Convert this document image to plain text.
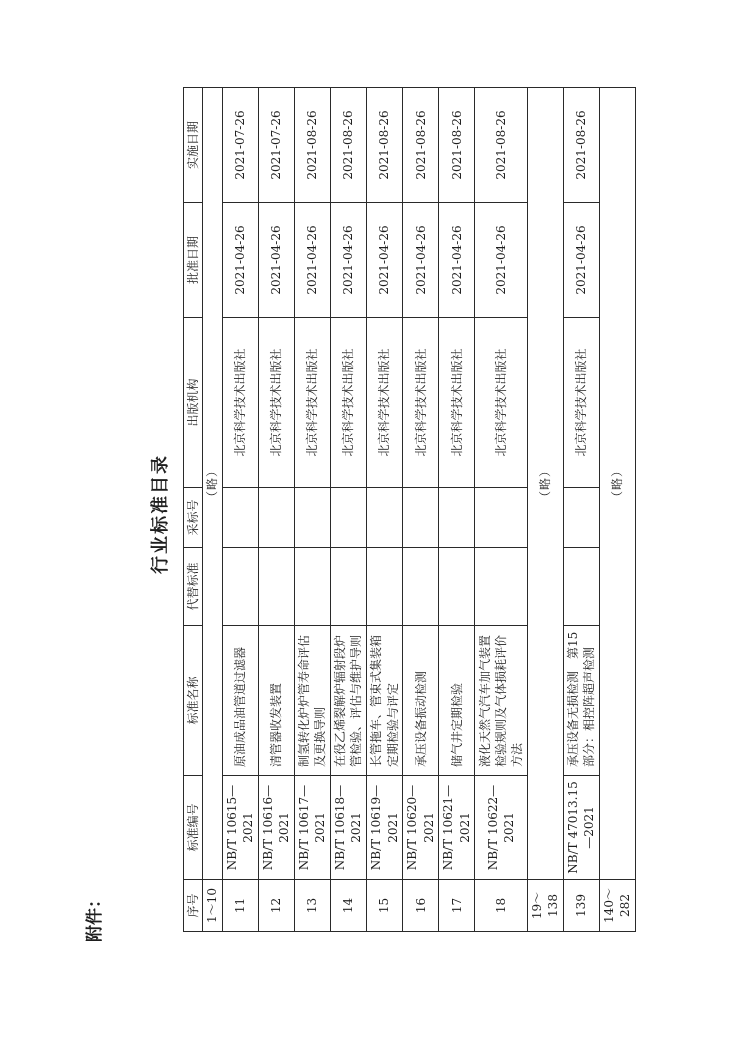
附件：
行业标准目录
序号	标准编号	标准名称	代替标准	采标号	出版机构	批准日期	实施日期
1～10	（略）						
11	NB/T 10615—2021	原油成品油管道过滤器			北京科学技术出版社	2021-04-26	2021-07-26
12	NB/T 10616—2021	清管器收发装置			北京科学技术出版社	2021-04-26	2021-07-26
13	NB/T 10617—2021	制氢转化炉炉管寿命评估及更换导则			北京科学技术出版社	2021-04-26	2021-08-26
14	NB/T 10618—2021	在役乙烯裂解炉辐射段炉管检验、评估与维护导则			北京科学技术出版社	2021-04-26	2021-08-26
15	NB/T 10619—2021	长管拖车、管束式集装箱定期检验与评定			北京科学技术出版社	2021-04-26	2021-08-26
16	NB/T 10620—2021	承压设备振动检测			北京科学技术出版社	2021-04-26	2021-08-26
17	NB/T 10621—2021	储气井定期检验			北京科学技术出版社	2021-04-26	2021-08-26
18	NB/T 10622—2021	液化天然气汽车加气装置检验规则及气体损耗评价方法			北京科学技术出版社	2021-04-26	2021-08-26
19～138	（略）						
139	NB/T 47013.15—2021	承压设备无损检测　第15部分：相控阵超声检测			北京科学技术出版社	2021-04-26	2021-08-26
140～282	（略）						
